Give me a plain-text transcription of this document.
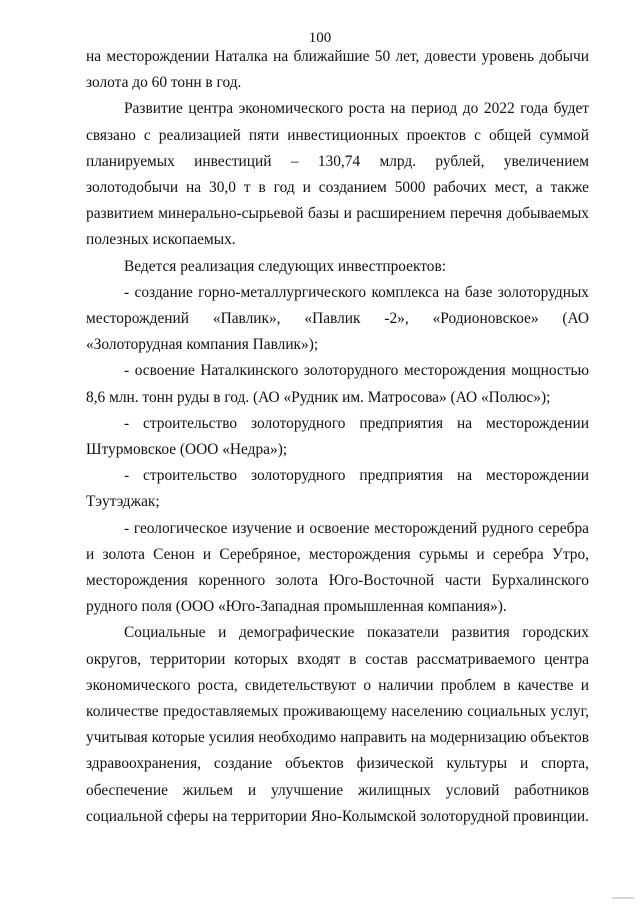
100

на месторождении Наталка на ближайшие 50 лет, довести уровень добычи золота до 60 тонн в год.

Развитие центра экономического роста на период до 2022 года будет связано с реализацией пяти инвестиционных проектов с общей суммой планируемых инвестиций – 130,74 млрд. рублей, увеличением золотодобычи на 30,0 т в год и созданием 5000 рабочих мест, а также развитием минерально-сырьевой базы и расширением перечня добываемых полезных ископаемых.

Ведется реализация следующих инвестпроектов:

- создание горно-металлургического комплекса на базе золоторудных месторождений «Павлик», «Павлик -2», «Родионовское» (АО «Золоторудная компания Павлик»);

- освоение Наталкинского золоторудного месторождения мощностью 8,6 млн. тонн руды в год. (АО «Рудник им. Матросова» (АО «Полюс»);

- строительство золоторудного предприятия на месторождении Штурмовское (ООО «Недра»);

- строительство золоторудного предприятия на месторождении Тэутэджак;

- геологическое изучение и освоение месторождений рудного серебра и золота Сенон и Серебряное, месторождения сурьмы и серебра Утро, месторождения коренного золота Юго-Восточной части Бурхалинского рудного поля (ООО «Юго-Западная промышленная компания»).

Социальные и демографические показатели развития городских округов, территории которых входят в состав рассматриваемого центра экономического роста, свидетельствуют о наличии проблем в качестве и количестве предоставляемых проживающему населению социальных услуг, учитывая которые усилия необходимо направить на модернизацию объектов здравоохранения, создание объектов физической культуры и спорта, обеспечение жильем и улучшение жилищных условий работников социальной сферы на территории Яно-Колымской золоторудной провинции.
